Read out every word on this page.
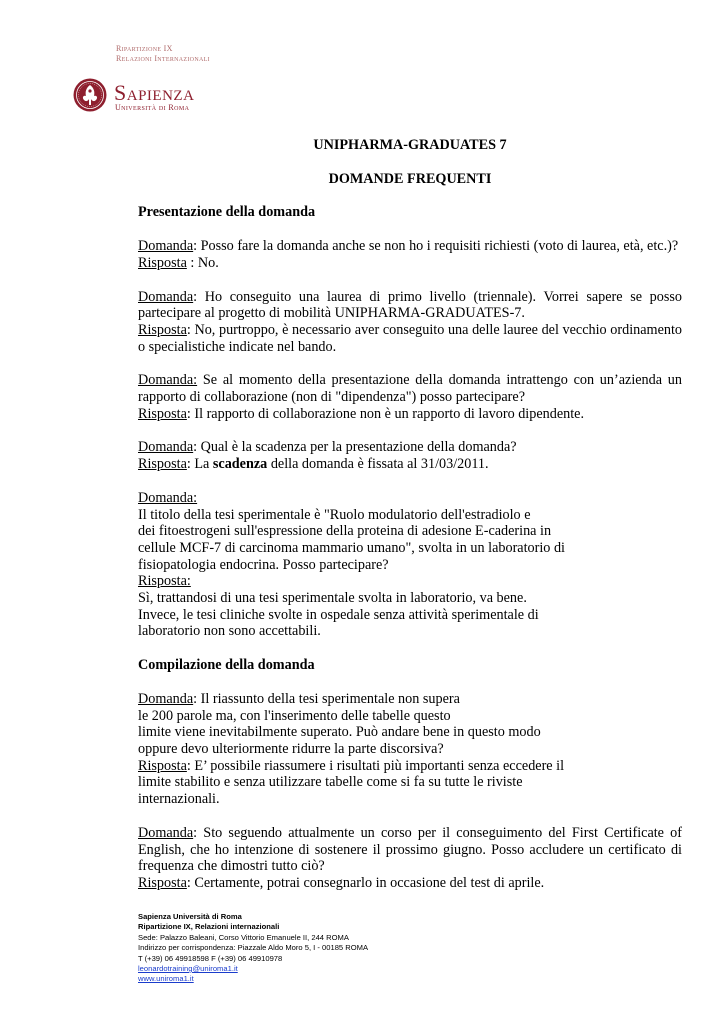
Ripartizione IX
Relazioni Internazionali
Sapienza
Università di Roma

UNIPHARMA-GRADUATES 7

DOMANDE FREQUENTI

Presentazione della domanda

Domanda: Posso fare la domanda anche se non ho i requisiti richiesti (voto di laurea, età, etc.)?

Risposta : No.

Domanda: Ho conseguito una laurea di primo livello (triennale). Vorrei sapere se posso partecipare al progetto di mobilità UNIPHARMA-GRADUATES-7.

Risposta: No, purtroppo, è necessario aver conseguito una delle lauree del vecchio ordinamento o specialistiche indicate nel bando.

Domanda: Se al momento della presentazione della domanda intrattengo con un’azienda un rapporto di collaborazione (non di "dipendenza") posso partecipare?

Risposta: Il rapporto di collaborazione non è un rapporto di lavoro dipendente.

Domanda: Qual è la scadenza per la presentazione della domanda?

Risposta: La scadenza della domanda è fissata al 31/03/2011.

Domanda:

Il titolo della tesi sperimentale è "Ruolo modulatorio dell'estradiolo e

dei fitoestrogeni sull'espressione della proteina di adesione E-caderina in

cellule MCF-7 di carcinoma mammario umano", svolta in un laboratorio di

fisiopatologia endocrina. Posso partecipare?

Risposta:

Sì, trattandosi di una tesi sperimentale svolta in laboratorio, va bene.

Invece, le tesi cliniche svolte in ospedale senza attività sperimentale di

laboratorio non sono accettabili.

Compilazione della domanda

Domanda: Il riassunto della tesi sperimentale non supera

le 200 parole ma, con l'inserimento delle tabelle questo

limite viene inevitabilmente superato. Può andare bene in questo modo

oppure devo ulteriormente ridurre la parte discorsiva?

Risposta: E’ possibile riassumere i risultati più importanti senza eccedere il

limite stabilito e senza utilizzare tabelle come si fa su tutte le riviste

internazionali.

Domanda: Sto seguendo attualmente un corso per il conseguimento del First Certificate of English, che ho intenzione di sostenere il prossimo giugno. Posso accludere un certificato di frequenza che dimostri tutto ciò?

Risposta: Certamente, potrai consegnarlo in occasione del test di aprile.

Sapienza Università di Roma
Ripartizione IX, Relazioni internazionali
Sede: Palazzo Baleani, Corso Vittorio Emanuele II, 244 ROMA
Indirizzo per corrispondenza: Piazzale Aldo Moro 5, I - 00185 ROMA
T (+39) 06 49918598 F (+39) 06 49910978
leonardotraining@uniroma1.it
www.uniroma1.it
